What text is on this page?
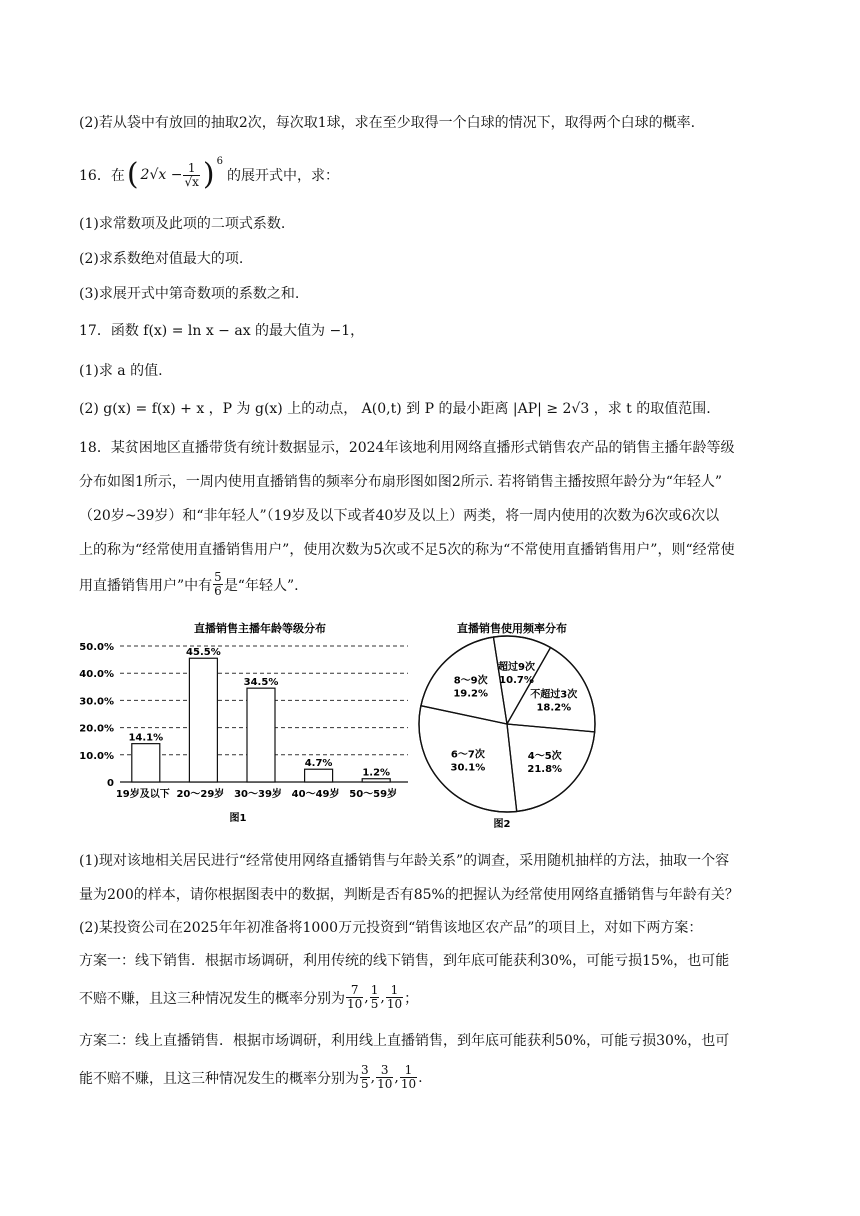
(2)若从袋中有放回的抽取2次，每次取1球，求在至少取得一个白球的情况下，取得两个白球的概率.
16．在 ( $2√x - \frac{1}{√x}$ ) 6
的展开式中，求：
(1)求常数项及此项的二项式系数.
(2)求系数绝对值最大的项.
(3)求展开式中第奇数项的系数之和.
17．函数 f(x) = ln x − ax 的最大值为 −1，
(1)求 a 的值.
(2) g(x) = f(x) + x ，P 为 g(x) 上的动点， A(0,t) 到 P 的最小距离 |AP| ≥ 2√3 ，求 t 的取值范围.
18．某贫困地区直播带货有统计数据显示，2024年该地利用网络直播形式销售农产品的销售主播年龄等级
分布如图1所示，一周内使用直播销售的频率分布扇形图如图2所示. 若将销售主播按照年龄分为“年轻人”
（20岁~39岁）和“非年轻人”（19岁及以下或者40岁及以上）两类，将一周内使用的次数为6次或6次以
上的称为“经常使用直播销售用户”，使用次数为5次或不足5次的称为“不常使用直播销售用户”，则“经常使
用直播销售用户”中有 $\frac{5}{6}$ 是“年轻人”.
直播销售主播年龄等级分布
0
10.0%
20.0%
30.0%
40.0%
50.0%
14.1%
45.5%
34.5%
4.7%
1.2%
19岁及以下 20～29岁 30～39岁 40～49岁 50～59岁
图1
直播销售使用频率分布
8～9次
19.2%
超过9次
10.7%
不超过3次
18.2%
4～5次
21.8%
6～7次
30.1%
图2
(1)现对该地相关居民进行“经常使用网络直播销售与年龄关系”的调查，采用随机抽样的方法，抽取一个容
量为200的样本，请你根据图表中的数据，判断是否有85%的把握认为经常使用网络直播销售与年龄有关？
(2)某投资公司在2025年年初准备将1000万元投资到“销售该地区农产品”的项目上，对如下两方案：
方案一：线下销售．根据市场调研，利用传统的线下销售，到年底可能获利30%，可能亏损15%，也可能
不赔不赚，且这三种情况发生的概率分别为 $\frac{7}{10}$ , $\frac{1}{5}$ , $\frac{1}{10}$ ；
方案二：线上直播销售．根据市场调研，利用线上直播销售，到年底可能获利50%，可能亏损30%，也可
能不赔不赚，且这三种情况发生的概率分别为 $\frac{3}{5}$ , $\frac{3}{10}$ , $\frac{1}{10}$ .
